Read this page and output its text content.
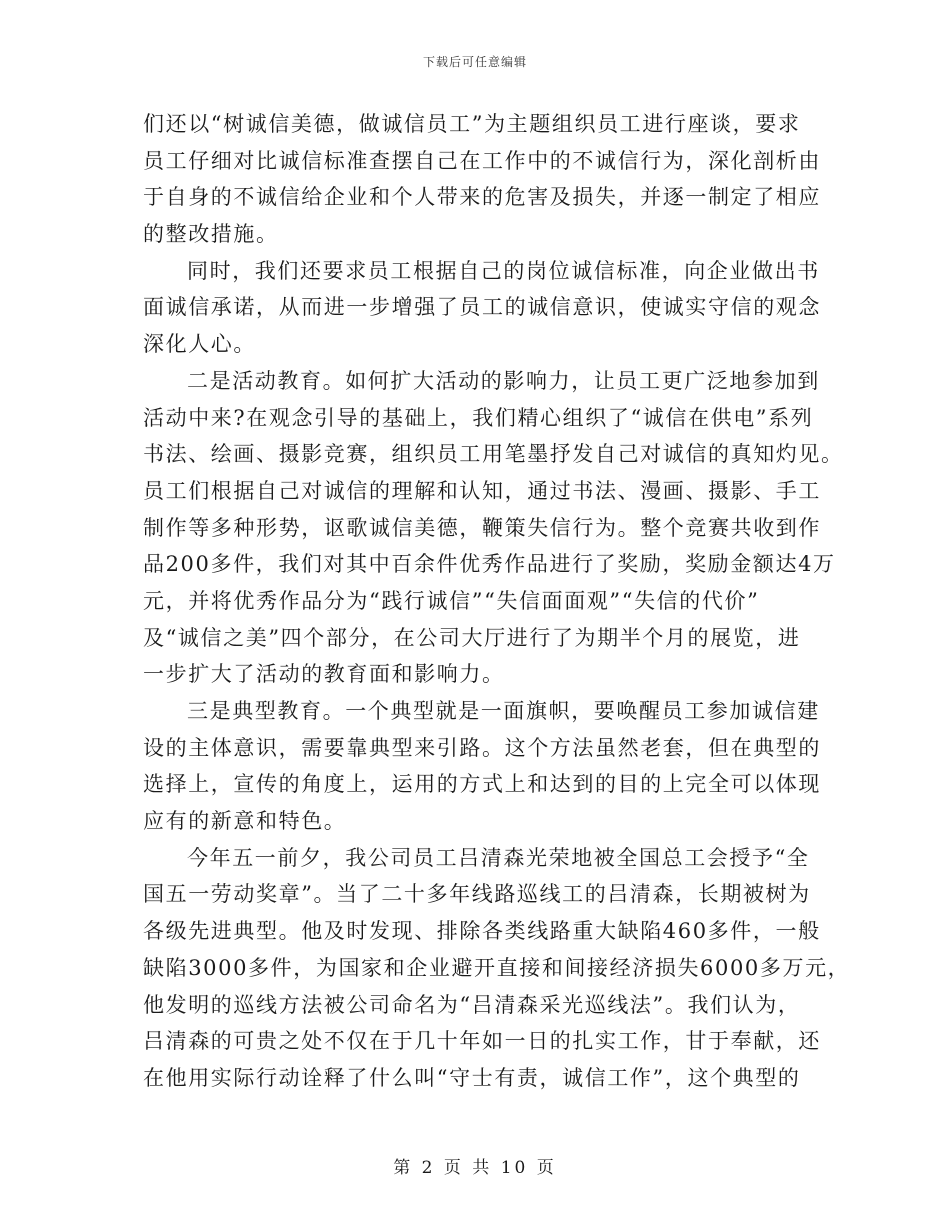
下载后可任意编辑
们还以“树诚信美德，做诚信员工”为主题组织员工进行座谈，要求
员工仔细对比诚信标准查摆自己在工作中的不诚信行为，深化剖析由
于自身的不诚信给企业和个人带来的危害及损失，并逐一制定了相应
的整改措施。
同时，我们还要求员工根据自己的岗位诚信标准，向企业做出书
面诚信承诺，从而进一步增强了员工的诚信意识，使诚实守信的观念
深化人心。
二是活动教育。如何扩大活动的影响力，让员工更广泛地参加到
活动中来?在观念引导的基础上，我们精心组织了“诚信在供电”系列
书法、绘画、摄影竞赛，组织员工用笔墨抒发自己对诚信的真知灼见。
员工们根据自己对诚信的理解和认知，通过书法、漫画、摄影、手工
制作等多种形势，讴歌诚信美德，鞭策失信行为。整个竞赛共收到作
品200多件，我们对其中百余件优秀作品进行了奖励，奖励金额达4万
元，并将优秀作品分为“践行诚信”“失信面面观”“失信的代价”
及“诚信之美”四个部分，在公司大厅进行了为期半个月的展览，进
一步扩大了活动的教育面和影响力。
三是典型教育。一个典型就是一面旗帜，要唤醒员工参加诚信建
设的主体意识，需要靠典型来引路。这个方法虽然老套，但在典型的
选择上，宣传的角度上，运用的方式上和达到的目的上完全可以体现
应有的新意和特色。
今年五一前夕，我公司员工吕清森光荣地被全国总工会授予“全
国五一劳动奖章”。当了二十多年线路巡线工的吕清森，长期被树为
各级先进典型。他及时发现、排除各类线路重大缺陷460多件，一般
缺陷3000多件，为国家和企业避开直接和间接经济损失6000多万元，
他发明的巡线方法被公司命名为“吕清森采光巡线法”。我们认为，
吕清森的可贵之处不仅在于几十年如一日的扎实工作，甘于奉献，还
在他用实际行动诠释了什么叫“守士有责，诚信工作”，这个典型的
第 2 页 共 10 页
